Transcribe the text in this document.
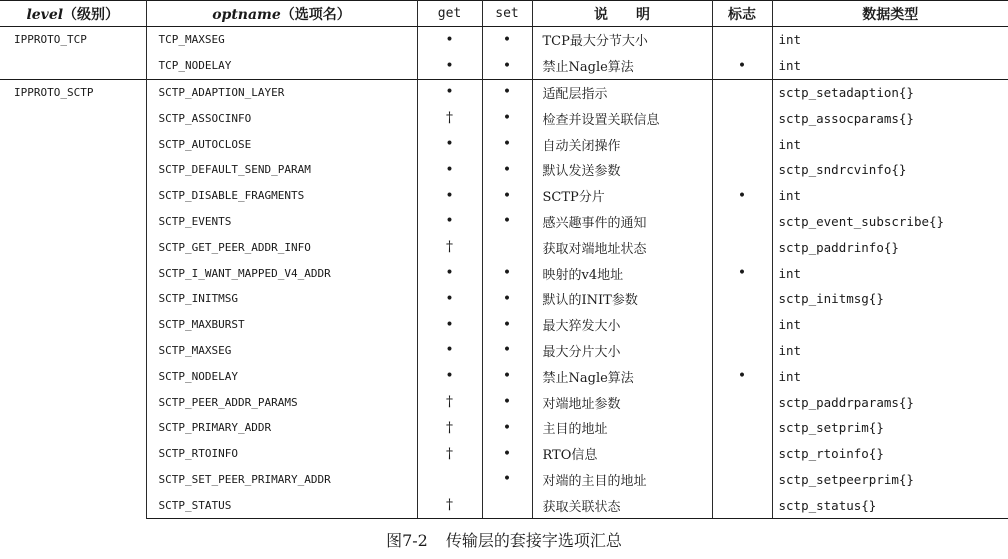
level（级别）	optname（选项名）	get	set	说　　明	标志	数据类型
IPPROTO_TCP	TCP_MAXSEG	•	•	TCP最大分节大小		int
	TCP_NODELAY	•	•	禁止Nagle算法	•	int
IPPROTO_SCTP	SCTP_ADAPTION_LAYER	•	•	适配层指示		sctp_setadaption{}
	SCTP_ASSOCINFO	†	•	检查并设置关联信息		sctp_assocparams{}
	SCTP_AUTOCLOSE	•	•	自动关闭操作		int
	SCTP_DEFAULT_SEND_PARAM	•	•	默认发送参数		sctp_sndrcvinfo{}
	SCTP_DISABLE_FRAGMENTS	•	•	SCTP分片	•	int
	SCTP_EVENTS	•	•	感兴趣事件的通知		sctp_event_subscribe{}
	SCTP_GET_PEER_ADDR_INFO	†		获取对端地址状态		sctp_paddrinfo{}
	SCTP_I_WANT_MAPPED_V4_ADDR	•	•	映射的v4地址	•	int
	SCTP_INITMSG	•	•	默认的INIT参数		sctp_initmsg{}
	SCTP_MAXBURST	•	•	最大猝发大小		int
	SCTP_MAXSEG	•	•	最大分片大小		int
	SCTP_NODELAY	•	•	禁止Nagle算法	•	int
	SCTP_PEER_ADDR_PARAMS	†	•	对端地址参数		sctp_paddrparams{}
	SCTP_PRIMARY_ADDR	†	•	主目的地址		sctp_setprim{}
	SCTP_RTOINFO	†	•	RTO信息		sctp_rtoinfo{}
	SCTP_SET_PEER_PRIMARY_ADDR		•	对端的主目的地址		sctp_setpeerprim{}
	SCTP_STATUS	†		获取关联状态		sctp_status{}
图7-2 传输层的套接字选项汇总
